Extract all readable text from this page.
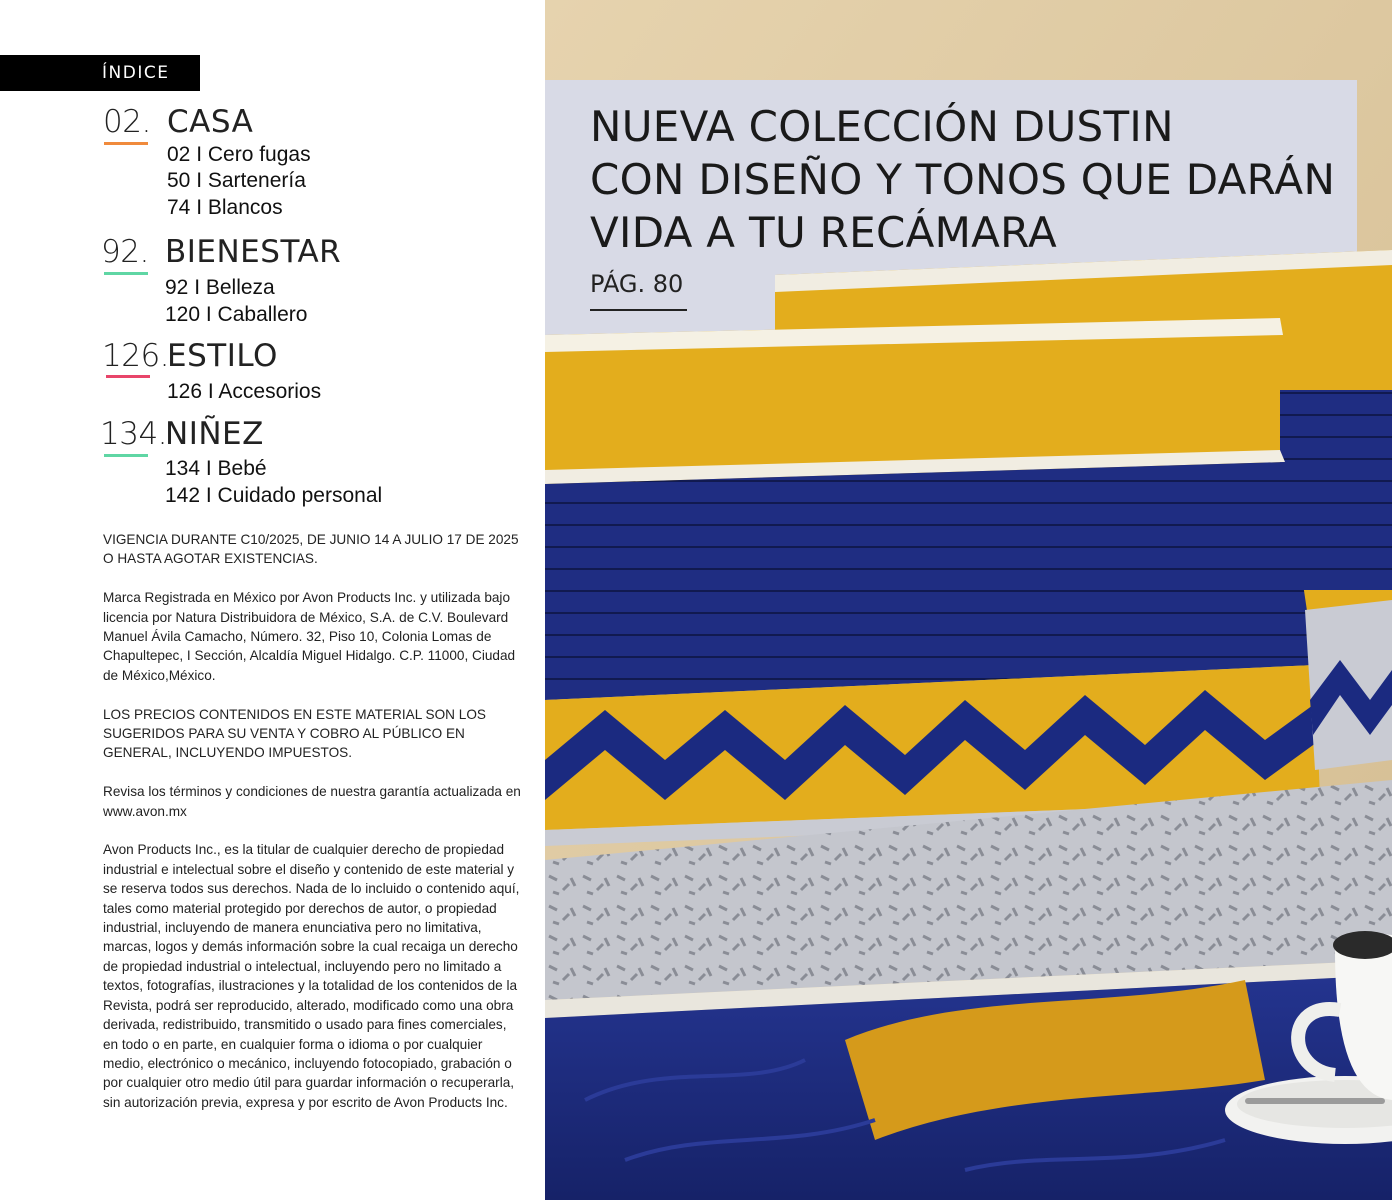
ÍNDICE
02. CASA
02 I Cero fugas
50 I Sartenería
74 I Blancos
92. BIENESTAR
92 I Belleza
120 I Caballero
126.
ESTILO
126 I Accesorios
134.
NIÑEZ
134 I Bebé
142 I Cuidado personal

VIGENCIA DURANTE C10/2025, DE JUNIO 14 A JULIO 17 DE 2025 O HASTA AGOTAR EXISTENCIAS.

Marca Registrada en México por Avon Products Inc. y utilizada bajo licencia por Natura Distribuidora de México, S.A. de C.V. Boulevard Manuel Ávila Camacho, Número. 32, Piso 10, Colonia Lomas de Chapultepec, I Sección, Alcaldía Miguel Hidalgo. C.P. 11000, Ciudad de México,México.

LOS PRECIOS CONTENIDOS EN ESTE MATERIAL SON LOS SUGERIDOS PARA SU VENTA Y COBRO AL PÚBLICO EN GENERAL, INCLUYENDO IMPUESTOS.

Revisa los términos y condiciones de nuestra garantía actualizada en www.avon.mx

Avon Products Inc., es la titular de cualquier derecho de propiedad industrial e intelectual sobre el diseño y contenido de este material y se reserva todos sus derechos. Nada de lo incluido o contenido aquí, tales como material protegido por derechos de autor, o propiedad industrial, incluyendo de manera enunciativa pero no limitativa, marcas, logos y demás información sobre la cual recaiga un derecho de propiedad industrial o intelectual, incluyendo pero no limitado a textos, fotografías, ilustraciones y la totalidad de los contenidos de la Revista, podrá ser reproducido, alterado, modificado como una obra derivada, redistribuido, transmitido o usado para fines comerciales, en todo o en parte, en cualquier forma o idioma o por cualquier medio, electrónico o mecánico, incluyendo fotocopiado, grabación o por cualquier otro medio útil para guardar información o recuperarla, sin autorización previa, expresa y por escrito de Avon Products Inc.

NUEVA COLECCIÓN DUSTIN
CON DISEÑO Y TONOS QUE DARÁN
VIDA A TU RECÁMARA
PÁG. 80
